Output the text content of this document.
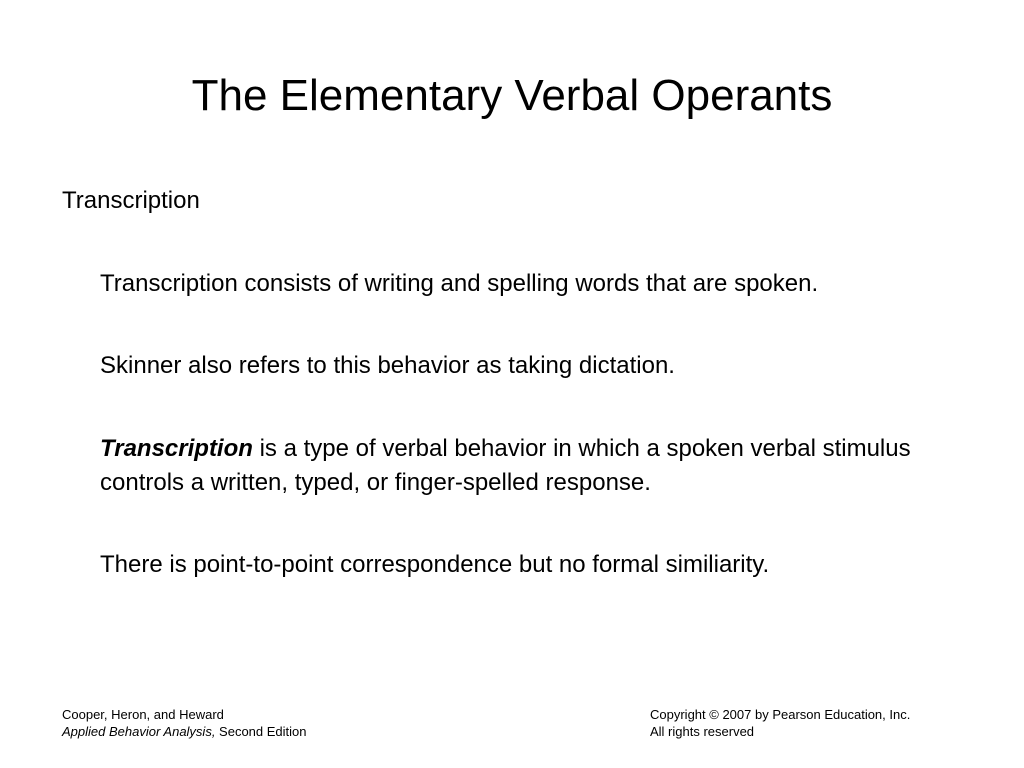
The Elementary Verbal Operants
Transcription
Transcription consists of writing and spelling words that are spoken.
Skinner also refers to this behavior as taking dictation.
Transcription is a type of verbal behavior in which a spoken verbal stimulus controls a written, typed, or finger-spelled response.
There is point-to-point correspondence but no formal similiarity.
Cooper, Heron, and Heward
Applied Behavior Analysis, Second Edition
Copyright © 2007 by Pearson Education, Inc.
All rights reserved
